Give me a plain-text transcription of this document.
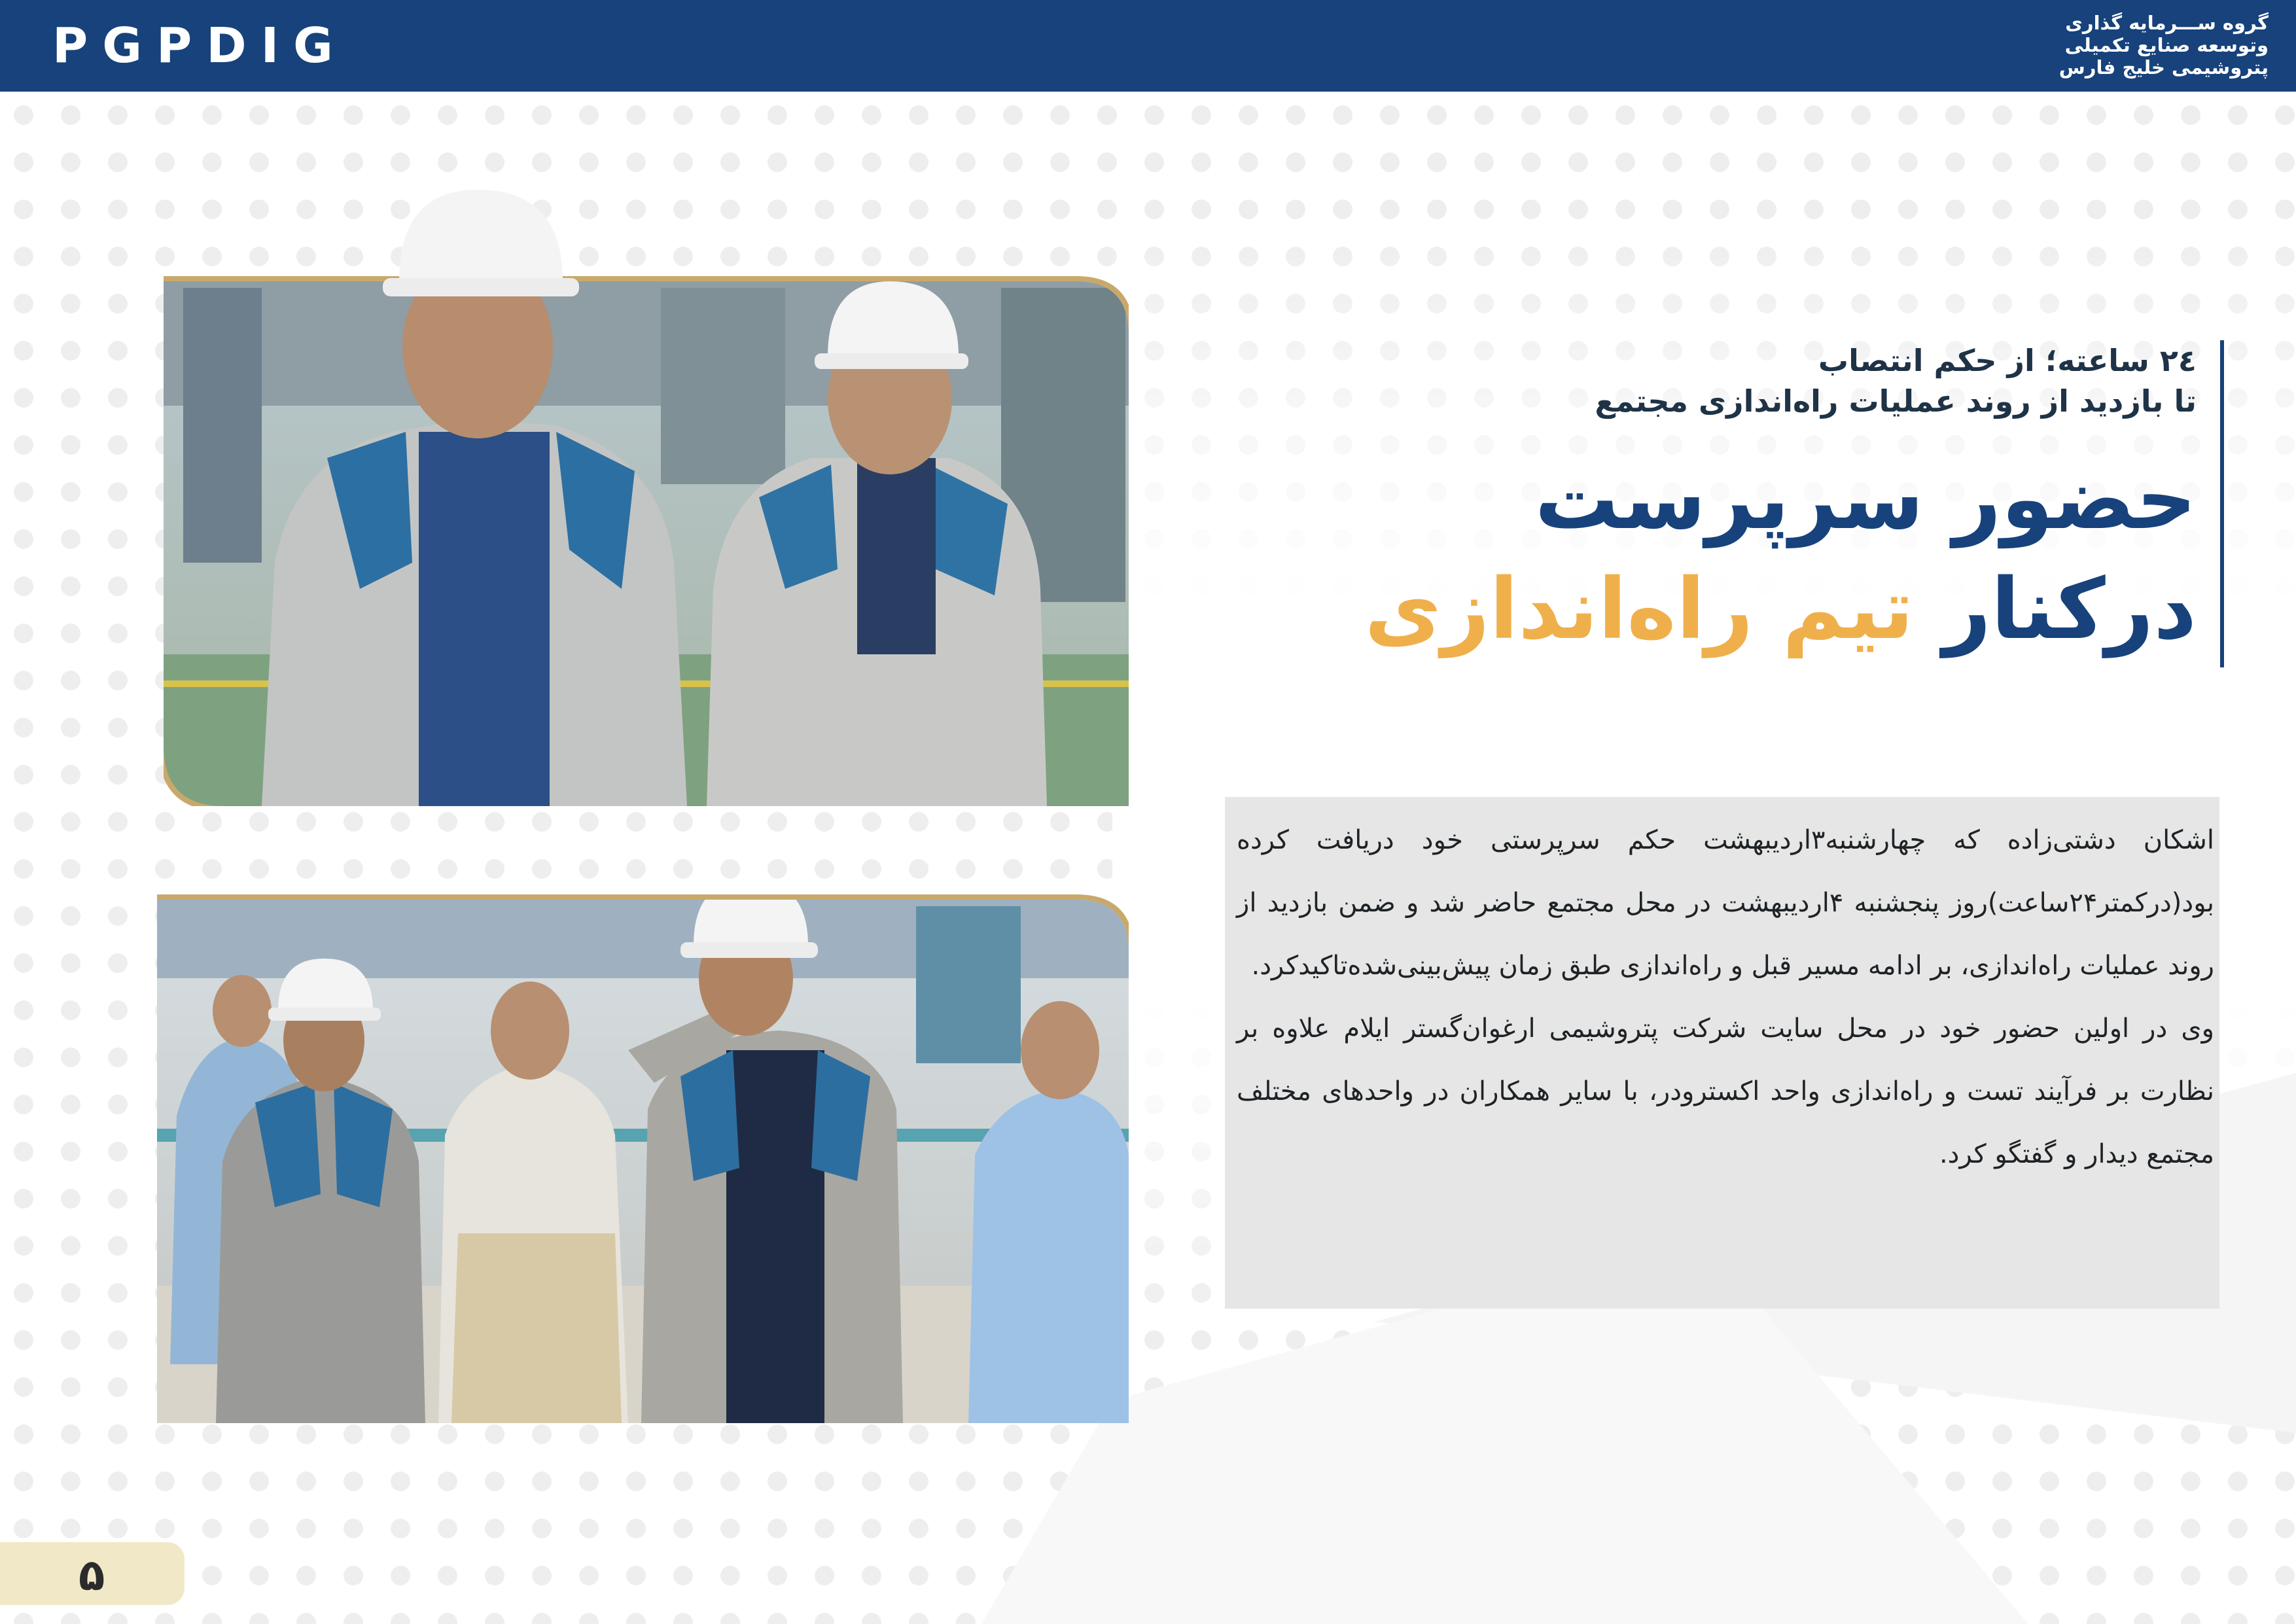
PGPDIG	گروه ســـرمایه گذاری
وتوسعه صنایع تکمیلی
پتروشیمی خلیج فارس
۲٤ ساعته؛ از حکم انتصاب
تا بازدید از روند عملیات راه‌اندازی مجتمع
حضور سرپرست
درکنار تیم راه‌اندازی

اشکان دشتی‌زاده که چهارشنبه۳اردیبهشت حکم سرپرستی خود دریافت کرده بود(درکمتر۲۴ساعت)روز پنجشنبه ۴اردیبهشت در محل مجتمع حاضر شد و ضمن بازدید از روند عملیات راه‌اندازی، بر ادامه مسیر قبل و راه‌اندازی طبق زمان پیش‌بینی‌شده‌تاکیدکرد.

وی در اولین حضور خود در محل سایت شرکت پتروشیمی ارغوان‌گستر ایلام علاوه بر نظارت بر فرآیند تست و راه‌اندازی واحد اکسترودر، با سایر همکاران در واحدهای مختلف مجتمع دیدار و گفتگو کرد.

۵
